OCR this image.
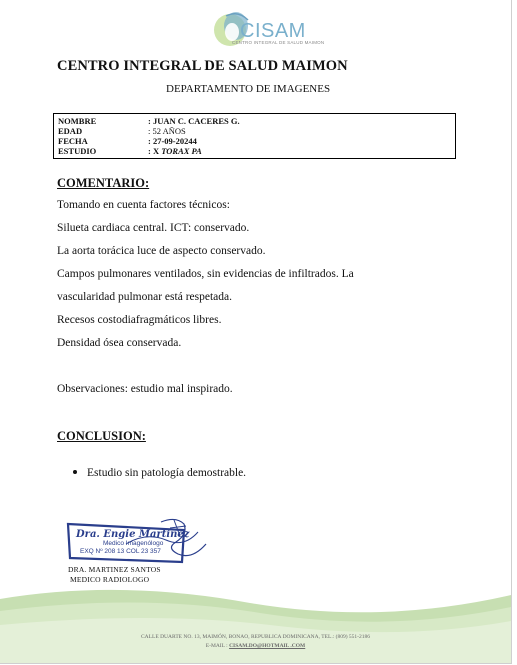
CISAM
CENTRO INTEGRAL DE SALUD MAIMON
CENTRO INTEGRAL DE SALUD MAIMON
DEPARTAMENTO DE IMAGENES
NOMBRE	: JUAN C. CACERES G.
EDAD	: 52 AÑOS
FECHA	: 27-09-20244
ESTUDIO	: X TORAX PA
COMENTARIO:
Tomando en cuenta factores técnicos:
Silueta cardiaca central. ICT: conservado.
La aorta torácica luce de aspecto conservado.
Campos pulmonares ventilados, sin evidencias de infiltrados. La
vascularidad pulmonar está respetada.
Recesos costodiafragmáticos libres.
Densidad ósea conservada.
Observaciones: estudio mal inspirado.
CONCLUSION:
Estudio sin patología demostrable.
Dra. Engie Martinez
Medico Imagenólogo
EXQ Nº 208 13 COL 23 357
DRA. MARTINEZ SANTOS
MEDICO RADIOLOGO
CALLE DUARTE NO. 13, MAIMÓN, BONAO, REPUBLICA DOMINICANA, TEL.: (809) 551-2186
E-MAIL : CISAM.DO@HOTMAIL .COM
